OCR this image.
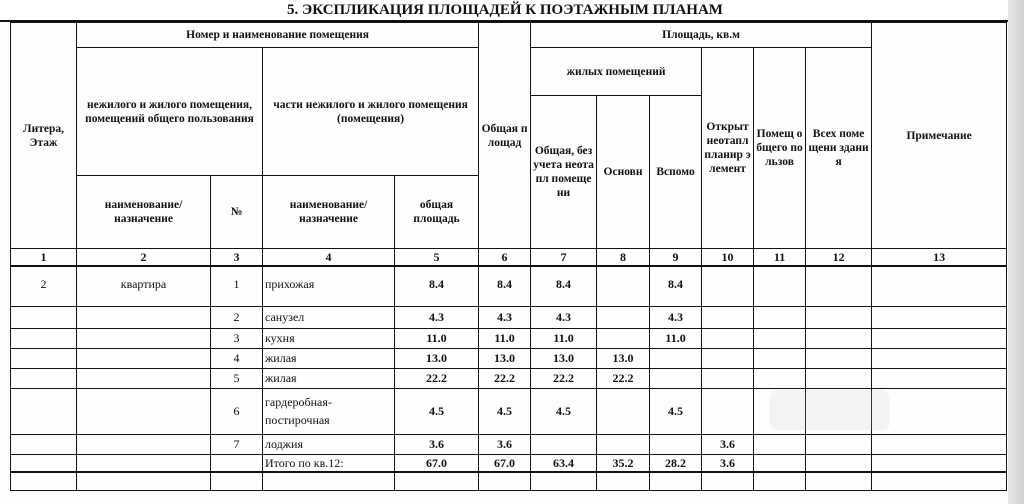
5. ЭКСПЛИКАЦИЯ ПЛОЩАДЕЙ К ПОЭТАЖНЫМ ПЛАНАМ
Литера, Этаж	Номер и наименование помещения				Общая площад	Площадь, кв.м						Примечание
	нежилого и жилого помещения, помещений общего пользования		части нежилого и жилого помещения (помещения)			жилых помещений			Открыт неотапл планир элемент	Помещ общего пользов	Всех помещени здания	
						Общая, без учета неотапл помещени	Основн	Вспомо				
	наименование/ назначение	№	наименование/ назначение	общая площадь								
1	2	3	4	5	6	7	8	9	10	11	12	13
2	квартира	1	прихожая	8.4	8.4	8.4		8.4				
		2	санузел	4.3	4.3	4.3		4.3				
		3	кухня	11.0	11.0	11.0		11.0				
		4	жилая	13.0	13.0	13.0	13.0					
		5	жилая	22.2	22.2	22.2	22.2					
		6	гардеробная-постирочная	4.5	4.5	4.5		4.5				
		7	лоджия	3.6	3.6				3.6			
			Итого по кв.12:	67.0	67.0	63.4	35.2	28.2	3.6			
